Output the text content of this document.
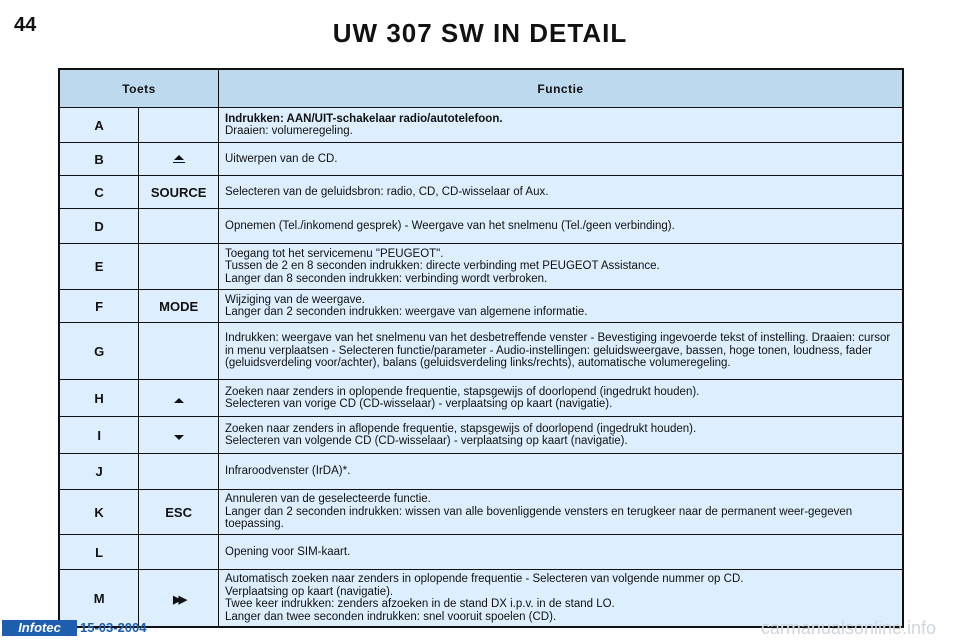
44	UW 307 SW IN DETAIL
Toets		Functie
A		Indrukken: AAN/UIT-schakelaar radio/autotelefoon.
Draaien: volumeregeling.

B		Uitwerpen van de CD.

C	SOURCE	Selecteren van de geluidsbron: radio, CD, CD-wisselaar of Aux.

D		Opnemen (Tel./inkomend gesprek) - Weergave van het snelmenu (Tel./geen verbinding).

E		Toegang tot het servicemenu "PEUGEOT".
Tussen de 2 en 8 seconden indrukken: directe verbinding met PEUGEOT Assistance.
Langer dan 8 seconden indrukken: verbinding wordt verbroken.

F	MODE	Wijziging van de weergave.
Langer dan 2 seconden indrukken: weergave van algemene informatie.

G		Indrukken: weergave van het snelmenu van het desbetreffende venster - Bevestiging ingevoerde tekst of instelling. Draaien: cursor in menu verplaatsen - Selecteren functie/parameter - Audio-instellingen: geluidsweergave, bassen, hoge tonen, loudness, fader (geluidsverdeling voor/achter), balans (geluidsverdeling links/rechts), automatische volumeregeling.

H		Zoeken naar zenders in oplopende frequentie, stapsgewijs of doorlopend (ingedrukt houden).
Selecteren van vorige CD (CD-wisselaar) - verplaatsing op kaart (navigatie).

I		Zoeken naar zenders in aflopende frequentie, stapsgewijs of doorlopend (ingedrukt houden).
Selecteren van volgende CD (CD-wisselaar) - verplaatsing op kaart (navigatie).

J		Infraroodvenster (IrDA)*.

K	ESC	Annuleren van de geselecteerde functie.
Langer dan 2 seconden indrukken: wissen van alle bovenliggende vensters en terugkeer naar de permanent weer-gegeven toepassing.

L		Opening voor SIM-kaart.

M	▶▶	Automatisch zoeken naar zenders in oplopende frequentie - Selecteren van volgende nummer op CD.
Verplaatsing op kaart (navigatie).
Twee keer indrukken: zenders afzoeken in de stand DX i.p.v. in de stand LO.
Langer dan twee seconden indrukken: snel vooruit spoelen (CD).
Infotec	15-03-2004	carmanualsonline.info
